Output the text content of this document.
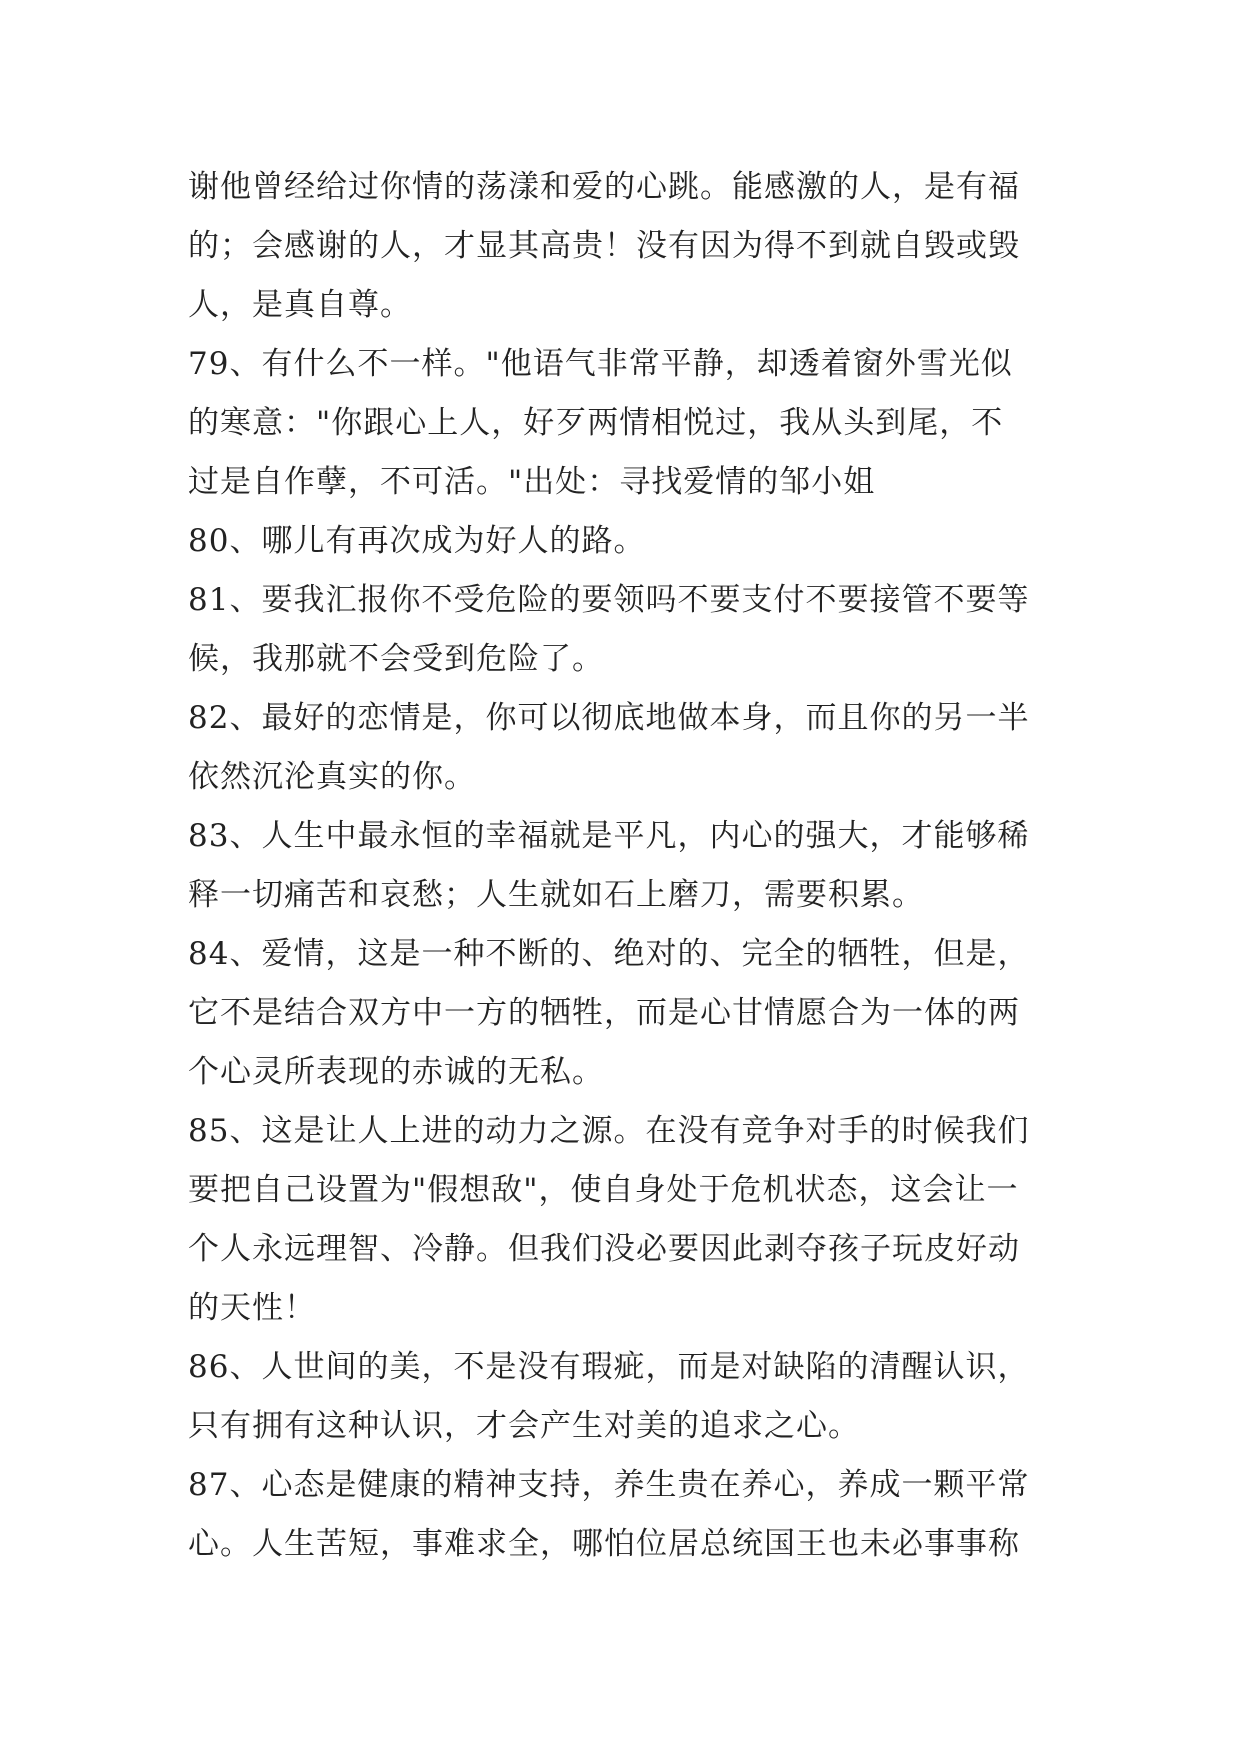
谢他曾经给过你情的荡漾和爱的心跳。能感激的人，是有福
的；会感谢的人，才显其高贵！没有因为得不到就自毁或毁
人，是真自尊。
79、有什么不一样。"他语气非常平静，却透着窗外雪光似
的寒意："你跟心上人，好歹两情相悦过，我从头到尾，不
过是自作孽，不可活。"出处：寻找爱情的邹小姐
80、哪儿有再次成为好人的路。
81、要我汇报你不受危险的要领吗不要支付不要接管不要等
候，我那就不会受到危险了。
82、最好的恋情是，你可以彻底地做本身，而且你的另一半
依然沉沦真实的你。
83、人生中最永恒的幸福就是平凡，内心的强大，才能够稀
释一切痛苦和哀愁；人生就如石上磨刀，需要积累。
84、爱情，这是一种不断的、绝对的、完全的牺牲，但是，
它不是结合双方中一方的牺牲，而是心甘情愿合为一体的两
个心灵所表现的赤诚的无私。
85、这是让人上进的动力之源。在没有竞争对手的时候我们
要把自己设置为"假想敌"，使自身处于危机状态，这会让一
个人永远理智、冷静。但我们没必要因此剥夺孩子玩皮好动
的天性！
86、人世间的美，不是没有瑕疵，而是对缺陷的清醒认识，
只有拥有这种认识，才会产生对美的追求之心。
87、心态是健康的精神支持，养生贵在养心，养成一颗平常
心。人生苦短，事难求全，哪怕位居总统国王也未必事事称
